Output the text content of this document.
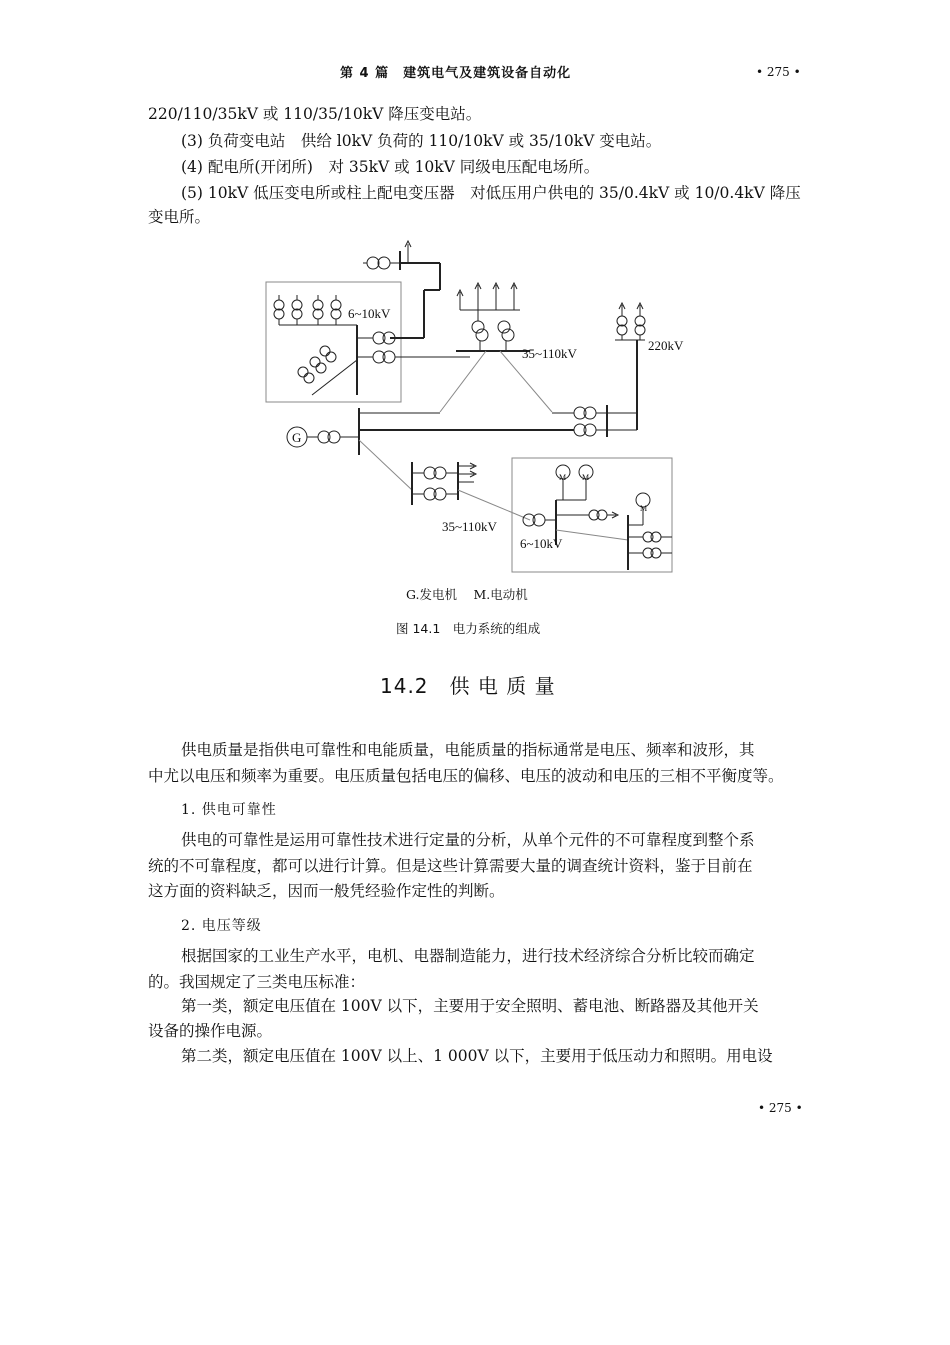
第 4 篇　建筑电气及建筑设备自动化	• 275 •
220/110/35kV 或 110/35/10kV 降压变电站。
(3) 负荷变电站　供给 l0kV 负荷的 110/10kV 或 35/10kV 变电站。
(4) 配电所(开闭所)　对 35kV 或 10kV 同级电压配电场所。
(5) 10kV 低压变电所或柱上配电变压器　对低压用户供电的 35/0.4kV 或 10/0.4kV 降压
变电所。
6~10kV
35~110kV
220kV
G
35~110kV
6~10kV
M M
M
G.发电机　 M.电动机
图 14.1　电力系统的组成
14.2　供 电 质 量
供电质量是指供电可靠性和电能质量，电能质量的指标通常是电压、频率和波形，其
中尤以电压和频率为重要。电压质量包括电压的偏移、电压的波动和电压的三相不平衡度等。
1. 供电可靠性
供电的可靠性是运用可靠性技术进行定量的分析，从单个元件的不可靠程度到整个系
统的不可靠程度，都可以进行计算。但是这些计算需要大量的调查统计资料，鉴于目前在
这方面的资料缺乏，因而一般凭经验作定性的判断。
2. 电压等级
根据国家的工业生产水平，电机、电器制造能力，进行技术经济综合分析比较而确定
的。我国规定了三类电压标准：
第一类，额定电压值在 100V 以下，主要用于安全照明、蓄电池、断路器及其他开关
设备的操作电源。
第二类，额定电压值在 100V 以上、1 000V 以下，主要用于低压动力和照明。用电设
• 275 •
